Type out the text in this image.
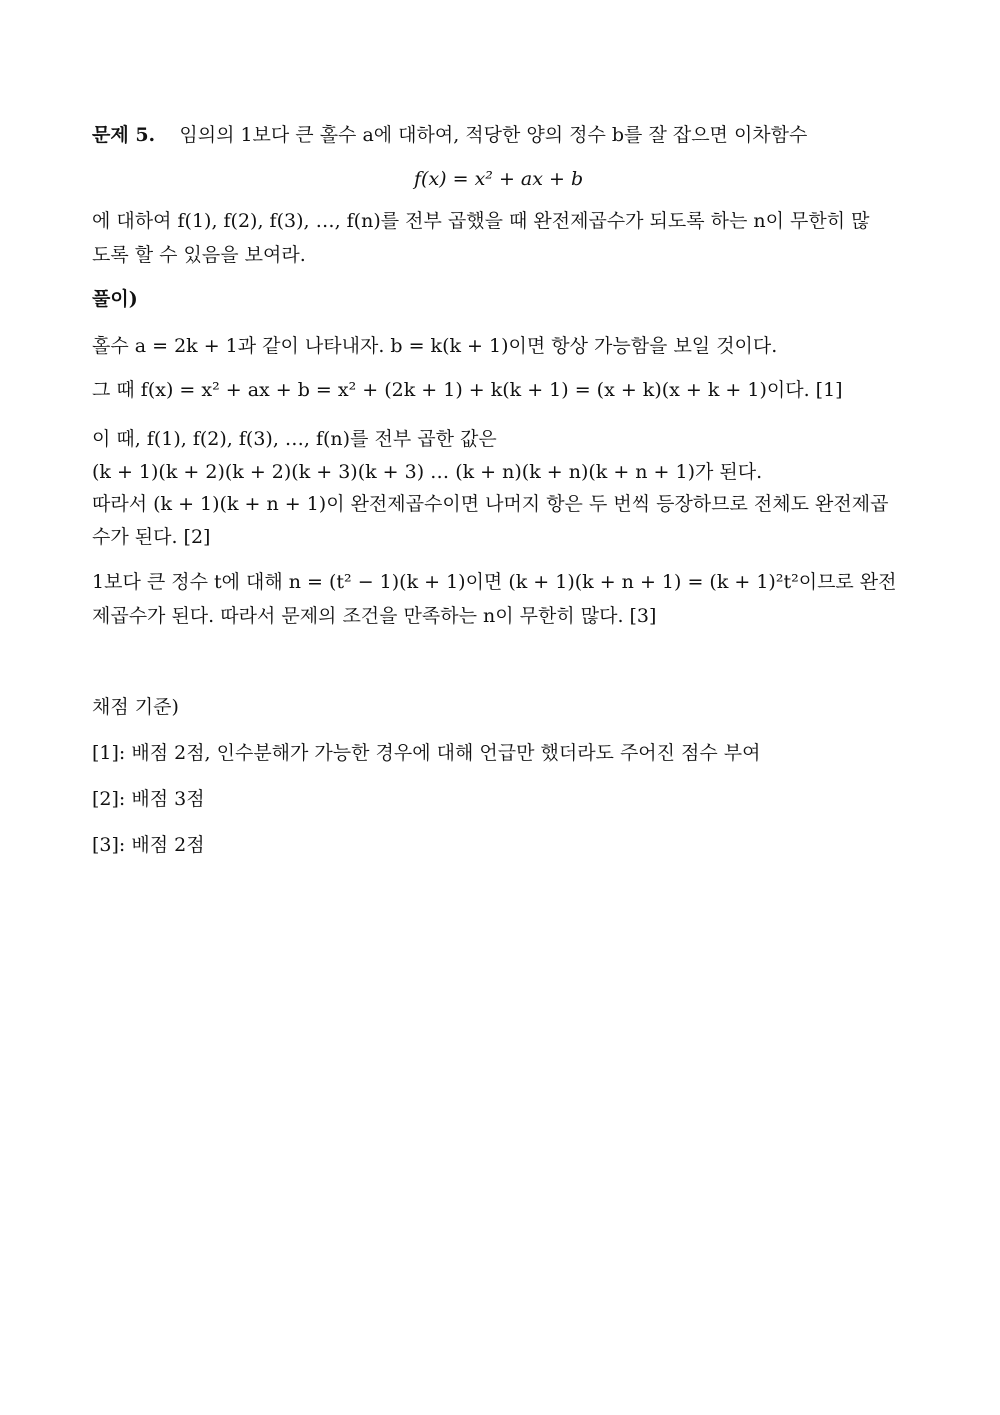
문제 5. 임의의 1보다 큰 홀수 a에 대하여, 적당한 양의 정수 b를 잘 잡으면 이차함수
f(x) = x² + ax + b
에 대하여 f(1), f(2), f(3), …, f(n)를 전부 곱했을 때 완전제곱수가 되도록 하는 n이 무한히 많
도록 할 수 있음을 보여라.
풀이)
홀수 a = 2k + 1과 같이 나타내자. b = k(k + 1)이면 항상 가능함을 보일 것이다.
그 때 f(x) = x² + ax + b = x² + (2k + 1) + k(k + 1) = (x + k)(x + k + 1)이다. [1]
이 때, f(1), f(2), f(3), …, f(n)를 전부 곱한 값은
(k + 1)(k + 2)(k + 2)(k + 3)(k + 3) … (k + n)(k + n)(k + n + 1)가 된다.
따라서 (k + 1)(k + n + 1)이 완전제곱수이면 나머지 항은 두 번씩 등장하므로 전체도 완전제곱
수가 된다. [2]
1보다 큰 정수 t에 대해 n = (t² − 1)(k + 1)이면 (k + 1)(k + n + 1) = (k + 1)²t²이므로 완전
제곱수가 된다. 따라서 문제의 조건을 만족하는 n이 무한히 많다. [3]
채점 기준)
[1]: 배점 2점, 인수분해가 가능한 경우에 대해 언급만 했더라도 주어진 점수 부여
[2]: 배점 3점
[3]: 배점 2점
